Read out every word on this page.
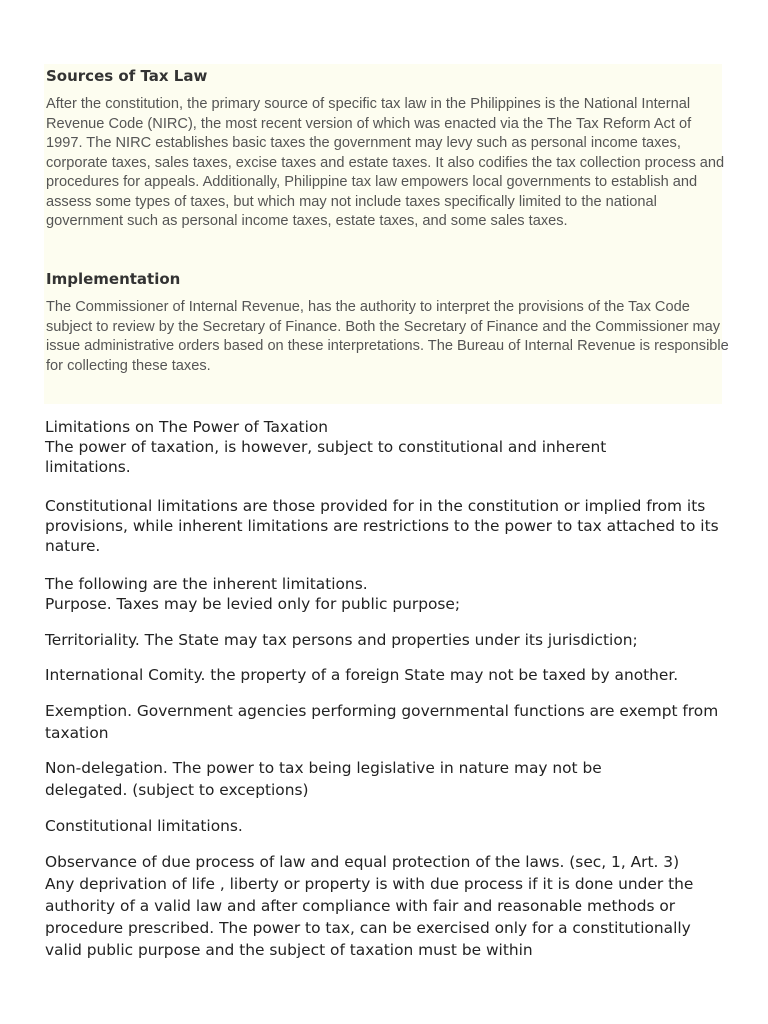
Sources of Tax Law

After the constitution, the primary source of specific tax law in the Philippines is the National Internal Revenue Code (NIRC), the most recent version of which was enacted via the The Tax Reform Act of 1997. The NIRC establishes basic taxes the government may levy such as personal income taxes, corporate taxes, sales taxes, excise taxes and estate taxes. It also codifies the tax collection process and procedures for appeals. Additionally, Philippine tax law empowers local governments to establish and assess some types of taxes, but which may not include taxes specifically limited to the national government such as personal income taxes, estate taxes, and some sales taxes.

Implementation

The Commissioner of Internal Revenue, has the authority to interpret the provisions of the Tax Code subject to review by the Secretary of Finance. Both the Secretary of Finance and the Commissioner may issue administrative orders based on these interpretations. The Bureau of Internal Revenue is responsible for collecting these taxes.

Limitations on The Power of Taxation
The power of taxation, is however, subject to constitutional and inherent limitations.
Constitutional limitations are those provided for in the constitution or implied from its provisions, while inherent limitations are restrictions to the power to tax attached to its nature.
The following are the inherent limitations.
Purpose. Taxes may be levied only for public purpose;
Territoriality. The State may tax persons and properties under its jurisdiction;
International Comity. the property of a foreign State may not be taxed by another.
Exemption. Government agencies performing governmental functions are exempt from taxation
Non-delegation. The power to tax being legislative in nature may not be delegated. (subject to exceptions)
Constitutional limitations.
Observance of due process of law and equal protection of the laws. (sec, 1, Art. 3)
Any deprivation of life , liberty or property is with due process if it is done under the authority of a valid law and after compliance with fair and reasonable methods or procedure prescribed. The power to tax, can be exercised only for a constitutionally valid public purpose and the subject of taxation must be within
